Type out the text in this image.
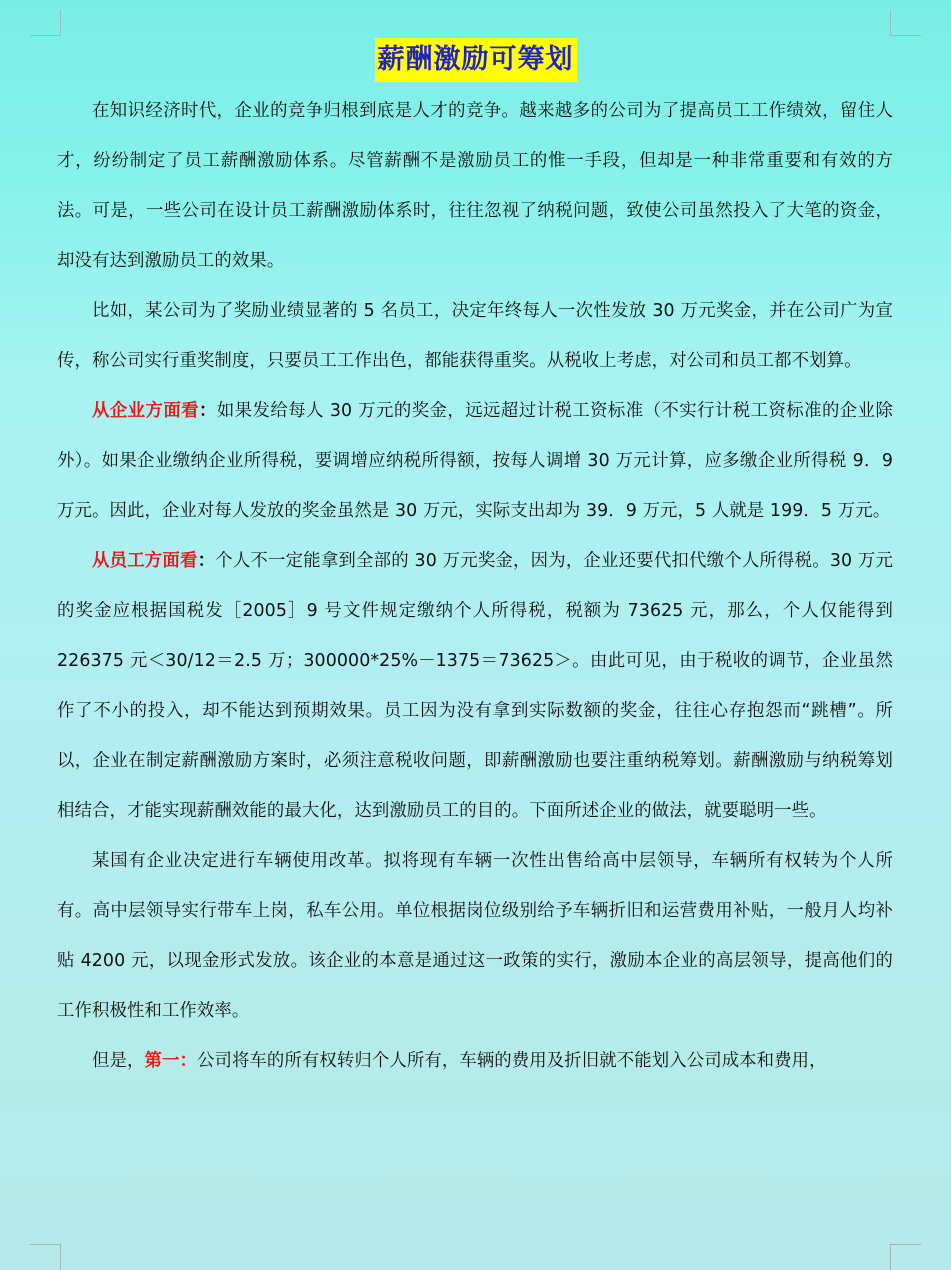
薪酬激励可筹划

在知识经济时代，企业的竞争归根到底是人才的竞争。越来越多的公司为了提高员工工作绩效，留住人才，纷纷制定了员工薪酬激励体系。尽管薪酬不是激励员工的惟一手段，但却是一种非常重要和有效的方法。可是，一些公司在设计员工薪酬激励体系时，往往忽视了纳税问题，致使公司虽然投入了大笔的资金，却没有达到激励员工的效果。

比如，某公司为了奖励业绩显著的 5 名员工，决定年终每人一次性发放 30 万元奖金，并在公司广为宣传，称公司实行重奖制度，只要员工工作出色，都能获得重奖。从税收上考虑，对公司和员工都不划算。

从企业方面看：如果发给每人 30 万元的奖金，远远超过计税工资标准（不实行计税工资标准的企业除外）。如果企业缴纳企业所得税，要调增应纳税所得额，按每人调增 30 万元计算，应多缴企业所得税 9．9 万元。因此，企业对每人发放的奖金虽然是 30 万元，实际支出却为 39．9 万元，5 人就是 199．5 万元。

从员工方面看：个人不一定能拿到全部的 30 万元奖金，因为，企业还要代扣代缴个人所得税。30 万元的奖金应根据国税发［2005］9 号文件规定缴纳个人所得税，税额为 73625 元，那么，个人仅能得到 226375 元＜30/12＝2.5 万；300000*25%－1375＝73625＞。由此可见，由于税收的调节，企业虽然作了不小的投入，却不能达到预期效果。员工因为没有拿到实际数额的奖金，往往心存抱怨而“跳槽”。所以，企业在制定薪酬激励方案时，必须注意税收问题，即薪酬激励也要注重纳税筹划。薪酬激励与纳税筹划相结合，才能实现薪酬效能的最大化，达到激励员工的目的。下面所述企业的做法，就要聪明一些。

某国有企业决定进行车辆使用改革。拟将现有车辆一次性出售给高中层领导，车辆所有权转为个人所有。高中层领导实行带车上岗，私车公用。单位根据岗位级别给予车辆折旧和运营费用补贴，一般月人均补贴 4200 元，以现金形式发放。该企业的本意是通过这一政策的实行，激励本企业的高层领导，提高他们的工作积极性和工作效率。

但是，第一：公司将车的所有权转归个人所有，车辆的费用及折旧就不能划入公司成本和费用，
